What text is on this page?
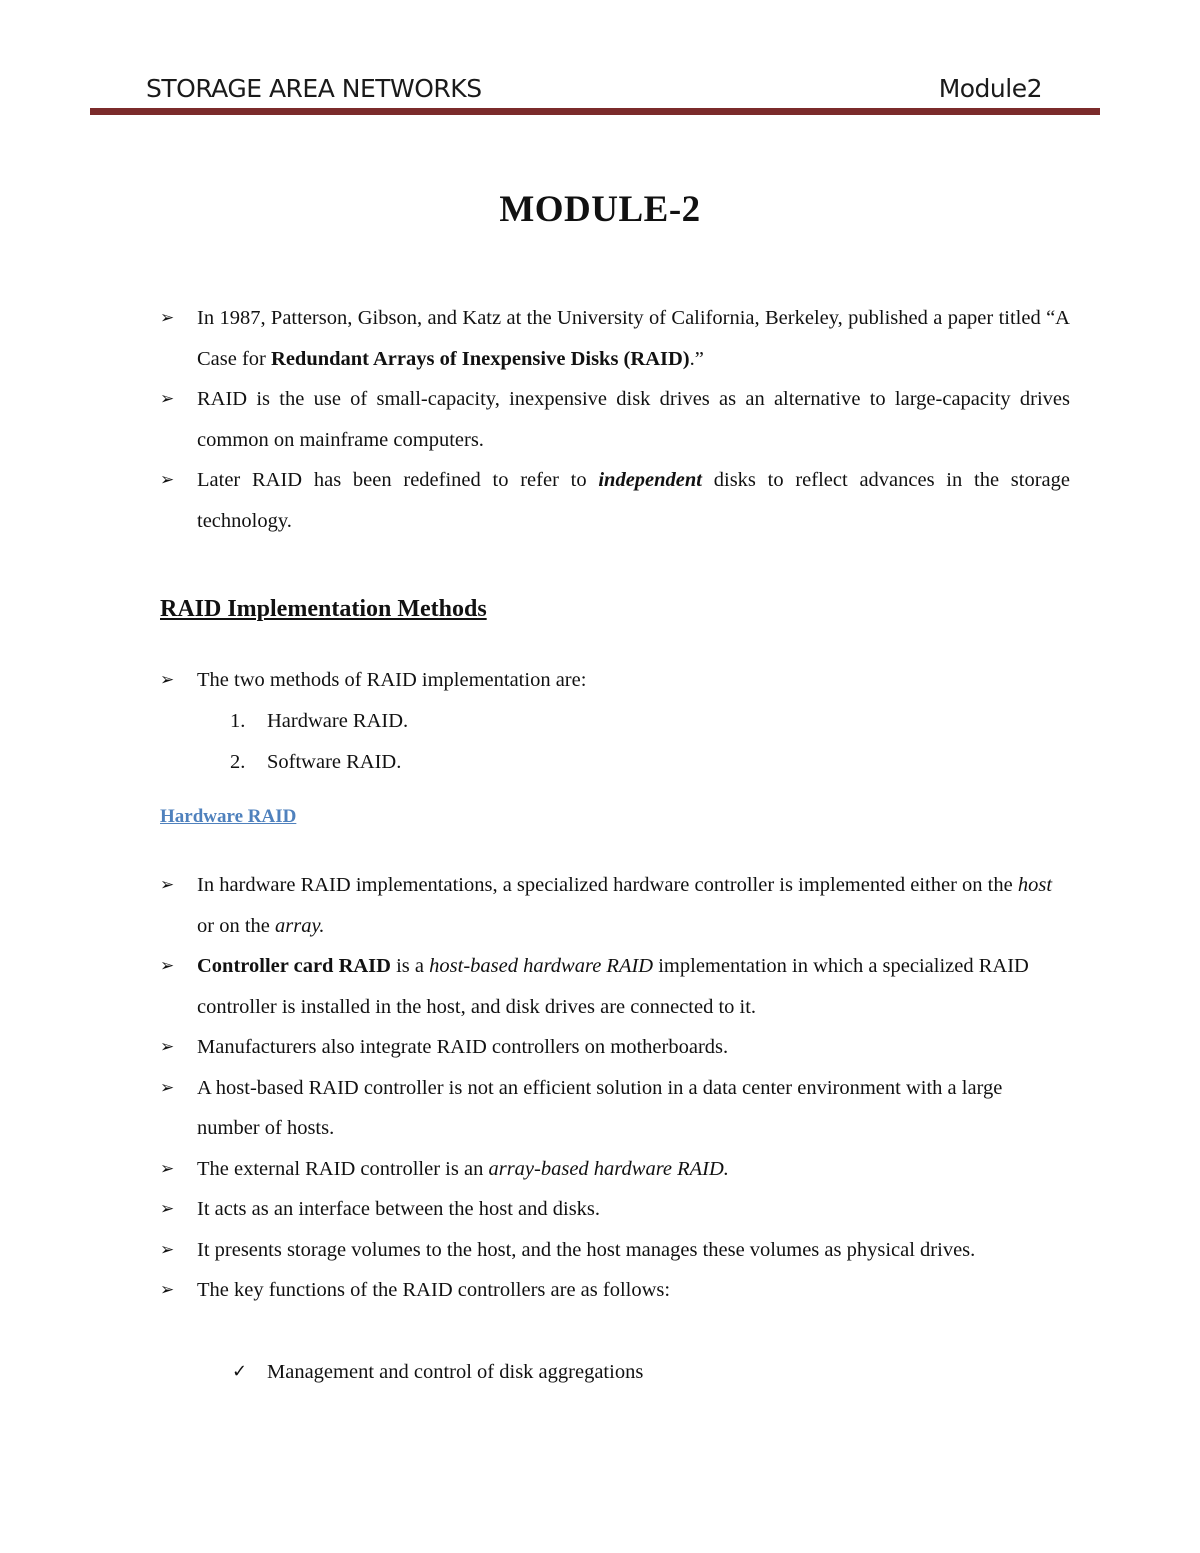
STORAGE AREA NETWORKS	Module2
MODULE-2
➢ In 1987, Patterson, Gibson, and Katz at the University of California, Berkeley, published a paper titled “A Case for Redundant Arrays of Inexpensive Disks (RAID).”
➢ RAID is the use of small-capacity, inexpensive disk drives as an alternative to large-capacity drives common on mainframe computers.
➢ Later RAID has been redefined to refer to independent disks to reflect advances in the storage technology.
RAID Implementation Methods
➢ The two methods of RAID implementation are:
1. Hardware RAID.
2. Software RAID.
Hardware RAID
➢ In hardware RAID implementations, a specialized hardware controller is implemented either on the host or on the array.
➢ Controller card RAID is a host-based hardware RAID implementation in which a specialized RAID controller is installed in the host, and disk drives are connected to it.
➢ Manufacturers also integrate RAID controllers on motherboards.
➢ A host-based RAID controller is not an efficient solution in a data center environment with a large number of hosts.
➢ The external RAID controller is an array-based hardware RAID.
➢ It acts as an interface between the host and disks.
➢ It presents storage volumes to the host, and the host manages these volumes as physical drives.
➢ The key functions of the RAID controllers are as follows:
✓ Management and control of disk aggregations
